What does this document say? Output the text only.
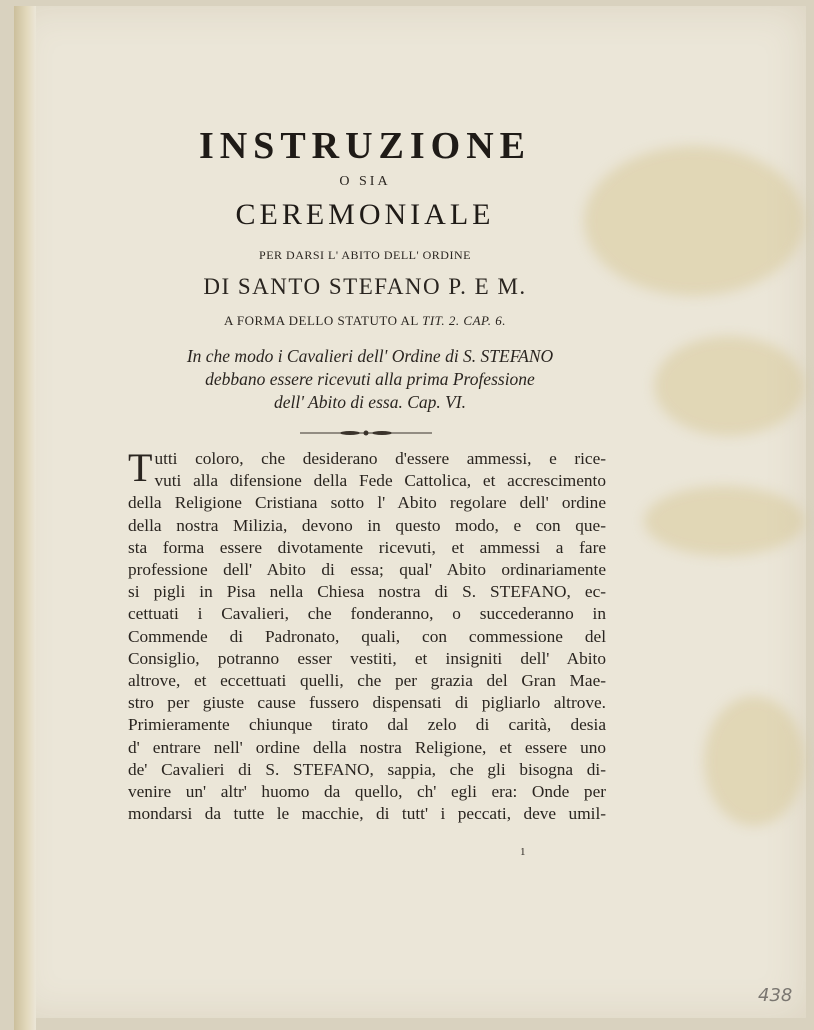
INSTRUZIONE
O SIA
CEREMONIALE
PER DARSI L' ABITO DELL' ORDINE
DI SANTO STEFANO P. E M.
A FORMA DELLO STATUTO AL TIT. 2. CAP. 6.
In che modo i Cavalieri dell' Ordine di S. STEFANO
debbano essere ricevuti alla prima Professione
dell' Abito di essa. Cap. VI.
T utti coloro, che desiderano d'essere ammessi, e rice-
vuti alla difensione della Fede Cattolica, et accrescimento
della Religione Cristiana sotto l' Abito regolare dell' ordine
della nostra Milizia, devono in questo modo, e con que-
sta forma essere divotamente ricevuti, et ammessi a fare
professione dell' Abito di essa; qual' Abito ordinariamente
si pigli in Pisa nella Chiesa nostra di S. STEFANO, ec-
cettuati i Cavalieri, che fonderanno, o succederanno in
Commende di Padronato, quali, con commessione del
Consiglio, potranno esser vestiti, et insigniti dell' Abito
altrove, et eccettuati quelli, che per grazia del Gran Mae-
stro per giuste cause fussero dispensati di pigliarlo altrove.
Primieramente chiunque tirato dal zelo di carità, desia
d' entrare nell' ordine della nostra Religione, et essere uno
de' Cavalieri di S. STEFANO, sappia, che gli bisogna di-
venire un' altr' huomo da quello, ch' egli era: Onde per
mondarsi da tutte le macchie, di tutt' i peccati, deve umil-
1
438
